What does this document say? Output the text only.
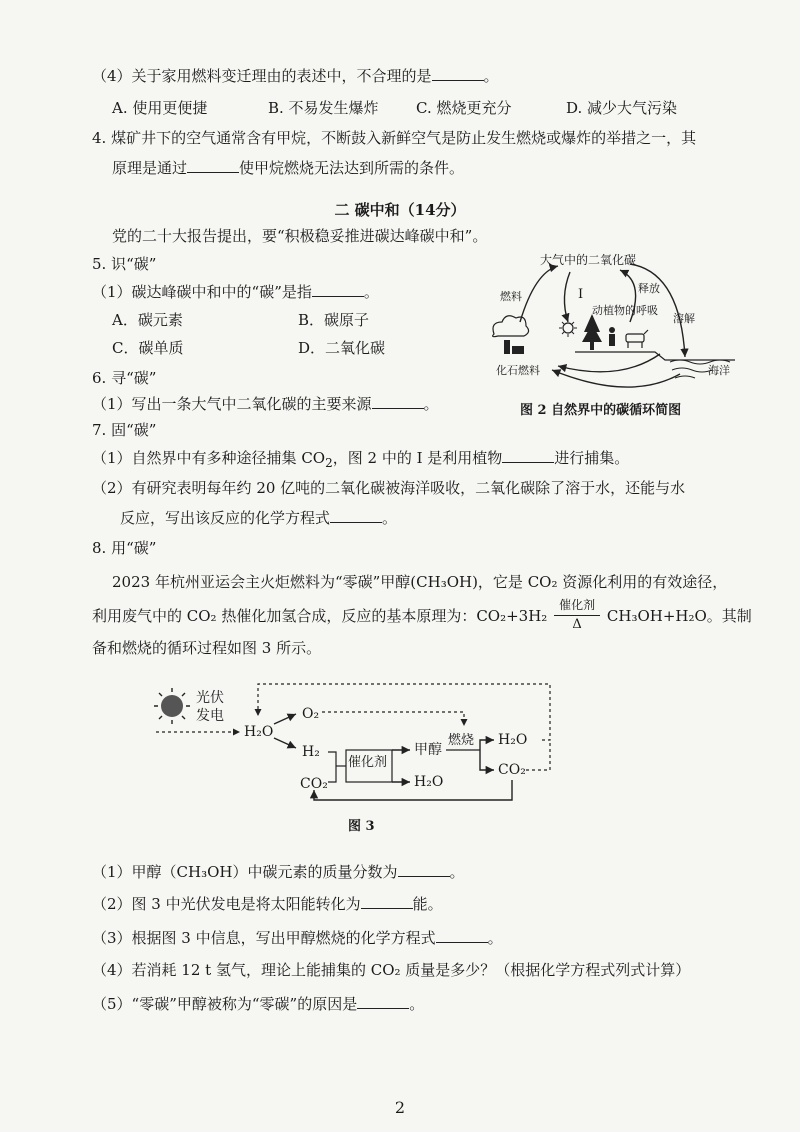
（4）关于家用燃料变迁理由的表述中，不合理的是	。
A. 使用更便捷	B. 不易发生爆炸 C. 燃烧更充分	D. 减少大气污染
4. 煤矿井下的空气通常含有甲烷，不断鼓入新鲜空气是防止发生燃烧或爆炸的举措之一，其
原理是通过	使甲烷燃烧无法达到所需的条件。
二 碳中和（14分）
党的二十大报告提出，要“积极稳妥推进碳达峰碳中和”。
5. 识“碳”
（1）碳达峰碳中和中的“碳”是指	。
A．碳元素	B．碳原子
C．碳单质	D．二氧化碳
大气中的二氧化碳
燃料	I	释放
动植物的呼吸
溶解
海洋
化石燃料
图 2 自然界中的碳循环简图
6. 寻“碳”
（1）写出一条大气中二氧化碳的主要来源	。
7. 固“碳”
（1）自然界中有多种途径捕集 $CO_2$，图 2 中的 I 是利用植物	进行捕集。
（2）有研究表明每年约 20 亿吨的二氧化碳被海洋吸收，二氧化碳除了溶于水，还能与水
反应，写出该反应的化学方程式	。
8. 用“碳”
2023 年杭州亚运会主火炬燃料为“零碳”甲醇(CH₃OH)，它是 CO₂ 资源化利用的有效途径，
利用废气中的 CO₂ 热催化加氢合成，反应的基本原理为：CO₂+3H₂
催化剂
Δ	CH₃OH+H₂O。其制
备和燃烧的循环过程如图 3 所示。
光伏
发电
H₂O
O₂
H₂
CO₂
催化剂
甲醇
H₂O
燃烧 H₂O
CO₂
图 3
（1）甲醇（CH₃OH）中碳元素的质量分数为	。
（2）图 3 中光伏发电是将太阳能转化为	能。
（3）根据图 3 中信息，写出甲醇燃烧的化学方程式	。
（4）若消耗 12 t 氢气，理论上能捕集的 CO₂ 质量是多少？（根据化学方程式列式计算）
（5）“零碳”甲醇被称为“零碳”的原因是	。
2
